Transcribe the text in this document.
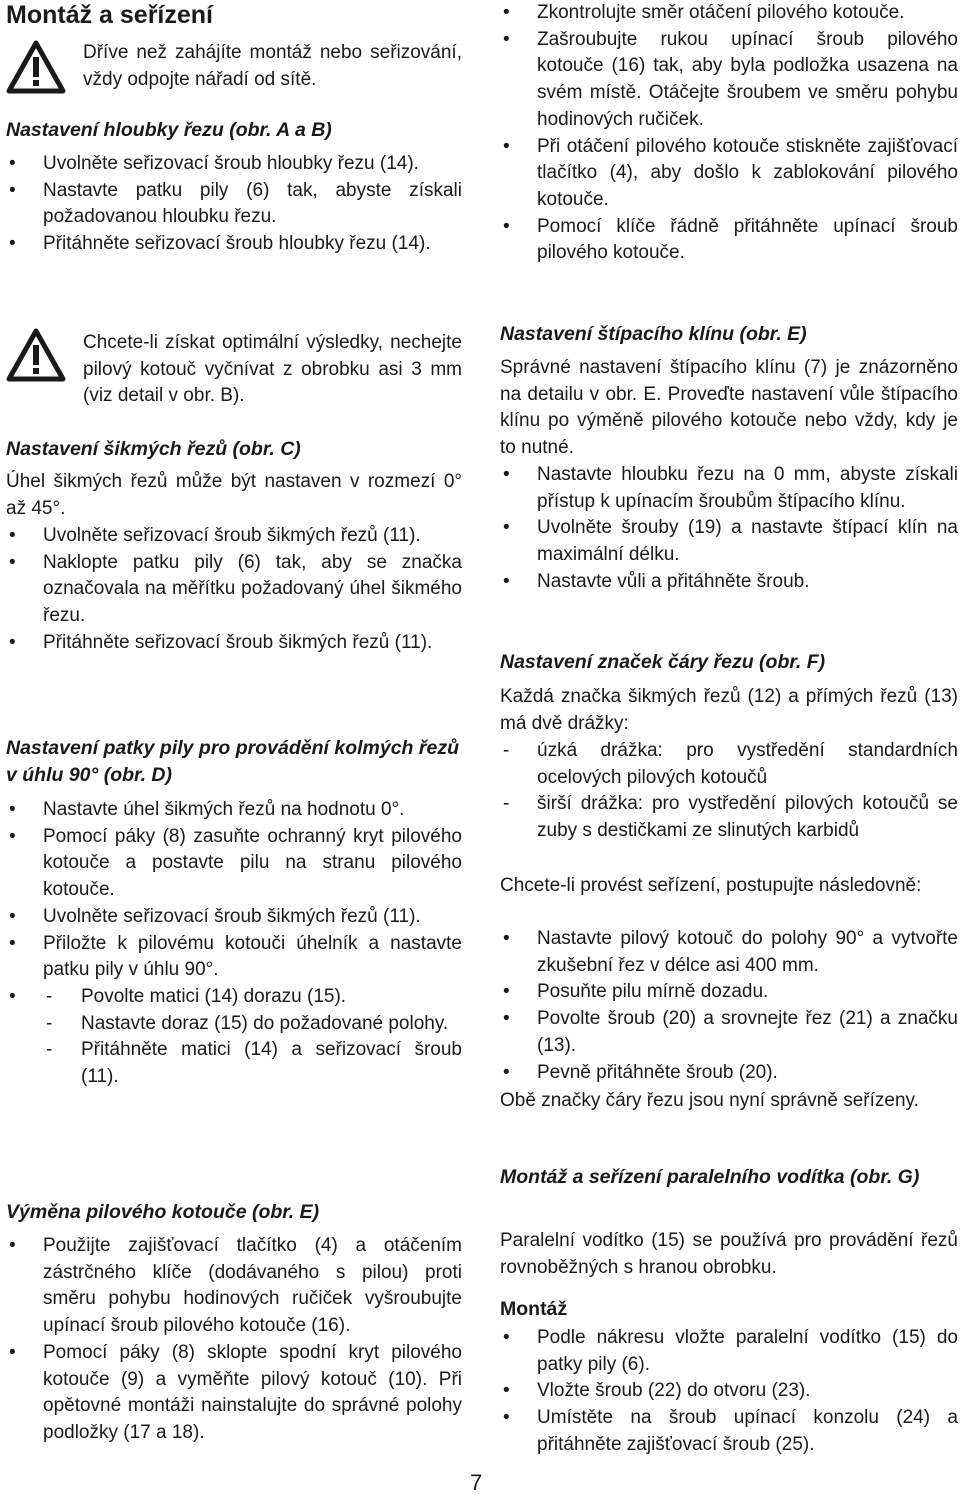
Montáž a seřízení
Dříve než zahájíte montáž nebo seřizování, vždy odpojte nářadí od sítě.
Nastavení hloubky řezu (obr. A a B)
• Uvolněte seřizovací šroub hloubky řezu (14).
• Nastavte patku pily (6) tak, abyste získali požadovanou hloubku řezu.
• Přitáhněte seřizovací šroub hloubky řezu (14).
Chcete-li získat optimální výsledky, nechejte pilový kotouč vyčnívat z obrobku asi 3 mm (viz detail v obr. B).
Nastavení šikmých řezů (obr. C)

Úhel šikmých řezů může být nastaven v rozmezí 0° až 45°.

• Uvolněte seřizovací šroub šikmých řezů (11).
• Naklopte patku pily (6) tak, aby se značka označovala na měřítku požadovaný úhel šikmého řezu.
• Přitáhněte seřizovací šroub šikmých řezů (11).
Nastavení patky pily pro provádění kolmých řezů v úhlu 90° (obr. D)
• Nastavte úhel šikmých řezů na hodnotu 0°.
• Pomocí páky (8) zasuňte ochranný kryt pilového kotouče a postavte pilu na stranu pilového kotouče.
• Uvolněte seřizovací šroub šikmých řezů (11).
• Přiložte k pilovému kotouči úhelník a nastavte patku pily v úhlu 90°.
- • Povolte matici (14) dorazu (15).
- Nastavte doraz (15) do požadované polohy.
- Přitáhněte matici (14) a seřizovací šroub (11).
Výměna pilového kotouče (obr. E)
• Použijte zajišťovací tlačítko (4) a otáčením zástrčného klíče (dodávaného s pilou) proti směru pohybu hodinových ručiček vyšroubujte upínací šroub pilového kotouče (16).
• Pomocí páky (8) sklopte spodní kryt pilového kotouče (9) a vyměňte pilový kotouč (10). Při opětovné montáži nainstalujte do správné polohy podložky (17 a 18).
• Zkontrolujte směr otáčení pilového kotouče.
• Zašroubujte rukou upínací šroub pilového kotouče (16) tak, aby byla podložka usazena na svém místě. Otáčejte šroubem ve směru pohybu hodinových ručiček.
• Při otáčení pilového kotouče stiskněte zajišťovací tlačítko (4), aby došlo k zablokování pilového kotouče.
• Pomocí klíče řádně přitáhněte upínací šroub pilového kotouče.
Nastavení štípacího klínu (obr. E)

Správné nastavení štípacího klínu (7) je znázorněno na detailu v obr. E. Proveďte nastavení vůle štípacího klínu po výměně pilového kotouče nebo vždy, kdy je to nutné.

• Nastavte hloubku řezu na 0 mm, abyste získali přístup k upínacím šroubům štípacího klínu.
• Uvolněte šrouby (19) a nastavte štípací klín na maximální délku.
• Nastavte vůli a přitáhněte šroub.
Nastavení značek čáry řezu (obr. F)

Každá značka šikmých řezů (12) a přímých řezů (13) má dvě drážky:

- úzká drážka: pro vystředění standardních ocelových pilových kotoučů
- širší drážka: pro vystředění pilových kotoučů se zuby s destičkami ze slinutých karbidů

Chcete-li provést seřízení, postupujte následovně:

• Nastavte pilový kotouč do polohy 90° a vytvořte zkušební řez v délce asi 400 mm.
• Posuňte pilu mírně dozadu.
• Povolte šroub (20) a srovnejte řez (21) a značku (13).
• Pevně přitáhněte šroub (20).

Obě značky čáry řezu jsou nyní správně seřízeny.

Montáž a seřízení paralelního vodítka (obr. G)

Paralelní vodítko (15) se používá pro provádění řezů rovnoběžných s hranou obrobku.

Montáž
• Podle nákresu vložte paralelní vodítko (15) do patky pily (6).
• Vložte šroub (22) do otvoru (23).
• Umístěte na šroub upínací konzolu (24) a přitáhněte zajišťovací šroub (25).
7
